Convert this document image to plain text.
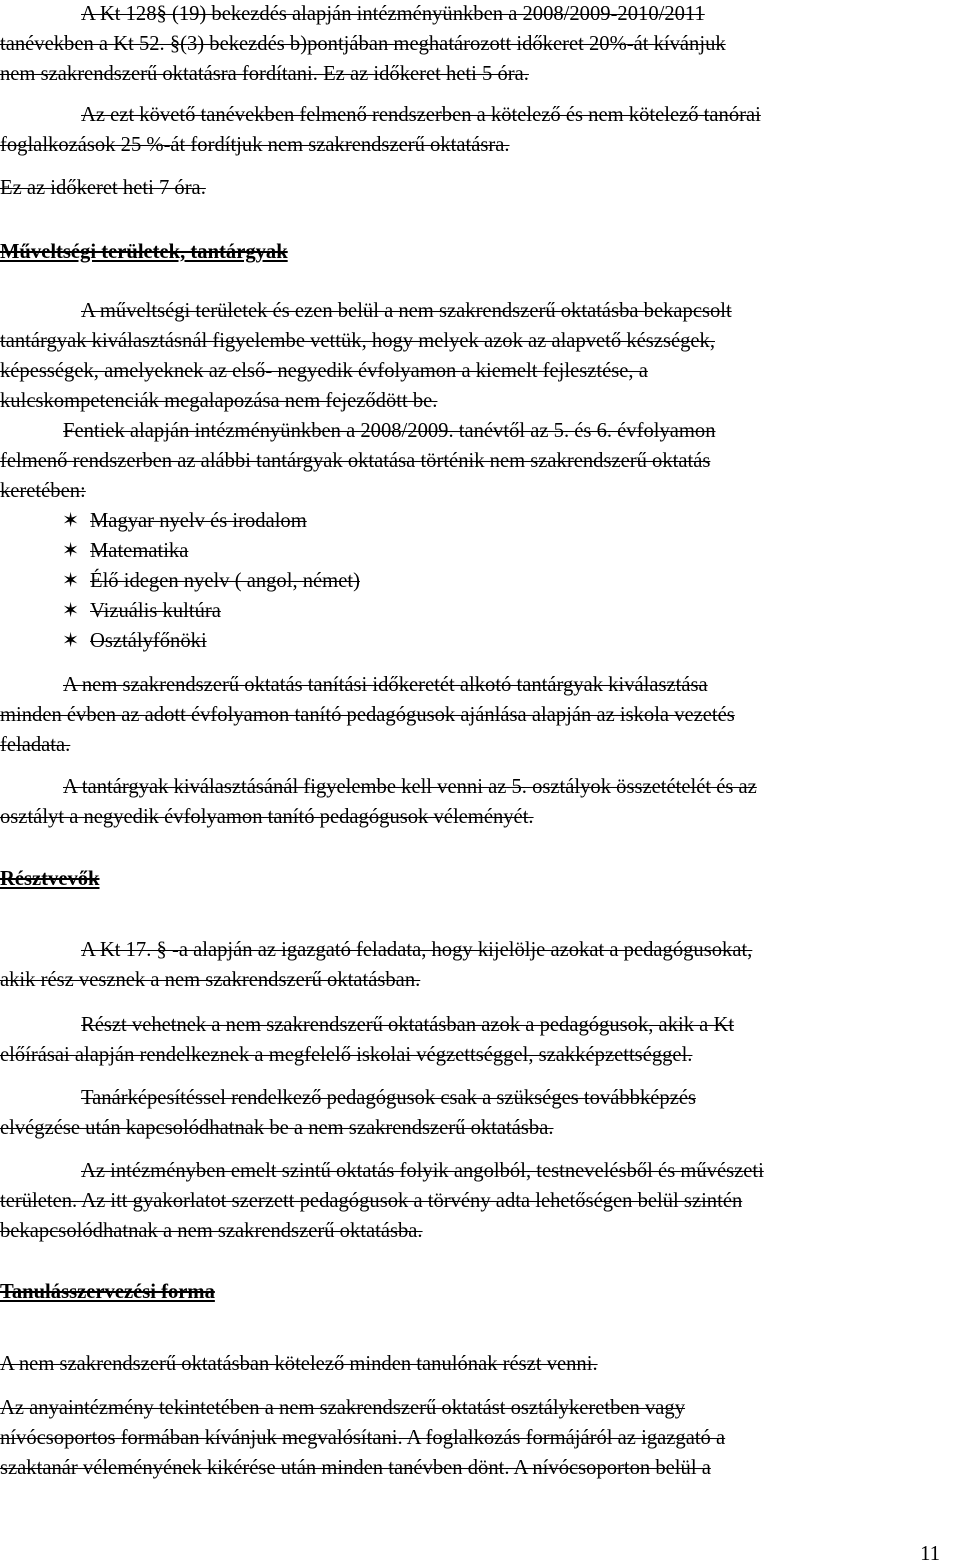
A Kt 128§ (19) bekezdés alapján intézményünkben a 2008/2009-2010/2011

tanévekben a Kt 52. §(3) bekezdés b)pontjában meghatározott időkeret 20%-át kívánjuk

nem szakrendszerű oktatásra fordítani. Ez az időkeret heti 5 óra.

Az ezt követő tanévekben felmenő rendszerben a kötelező és nem kötelező tanórai

foglalkozások 25 %-át fordítjuk nem szakrendszerű oktatásra.

Ez az időkeret heti 7 óra.

Műveltségi területek, tantárgyak

A műveltségi területek és ezen belül a nem szakrendszerű oktatásba bekapcsolt

tantárgyak kiválasztásnál figyelembe vettük, hogy melyek azok az alapvető készségek,

képességek, amelyeknek az első- negyedik évfolyamon a kiemelt fejlesztése, a

kulcskompetenciák megalapozása nem fejeződött be.

Fentiek alapján intézményünkben a 2008/2009. tanévtől az 5. és 6. évfolyamon

felmenő rendszerben az alábbi tantárgyak oktatása történik nem szakrendszerű oktatás

keretében:

✶ Magyar nyelv és irodalom

✶ Matematika

✶ Élő idegen nyelv ( angol, német)

✶ Vizuális kultúra

✶ Osztályfőnöki

A nem szakrendszerű oktatás tanítási időkeretét alkotó tantárgyak kiválasztása

minden évben az adott évfolyamon tanító pedagógusok ajánlása alapján az iskola vezetés

feladata.

A tantárgyak kiválasztásánál figyelembe kell venni az 5. osztályok összetételét és az

osztályt a negyedik évfolyamon tanító pedagógusok véleményét.

Résztvevők

A Kt 17. § -a alapján az igazgató feladata, hogy kijelölje azokat a pedagógusokat,

akik rész vesznek a nem szakrendszerű oktatásban.

Részt vehetnek a nem szakrendszerű oktatásban azok a pedagógusok, akik a Kt

előírásai alapján rendelkeznek a megfelelő iskolai végzettséggel, szakképzettséggel.

Tanárképesítéssel rendelkező pedagógusok csak a szükséges továbbképzés

elvégzése után kapcsolódhatnak be a nem szakrendszerű oktatásba.

Az intézményben emelt szintű oktatás folyik angolból, testnevelésből és művészeti

területen. Az itt gyakorlatot szerzett pedagógusok a törvény adta lehetőségen belül szintén

bekapcsolódhatnak a nem szakrendszerű oktatásba.

Tanulásszervezési forma

A nem szakrendszerű oktatásban kötelező minden tanulónak részt venni.

Az anyaintézmény tekintetében a nem szakrendszerű oktatást osztálykeretben vagy

nívócsoportos formában kívánjuk megvalósítani. A foglalkozás formájáról az igazgató a

szaktanár véleményének kikérése után minden tanévben dönt. A nívócsoporton belül a

11
